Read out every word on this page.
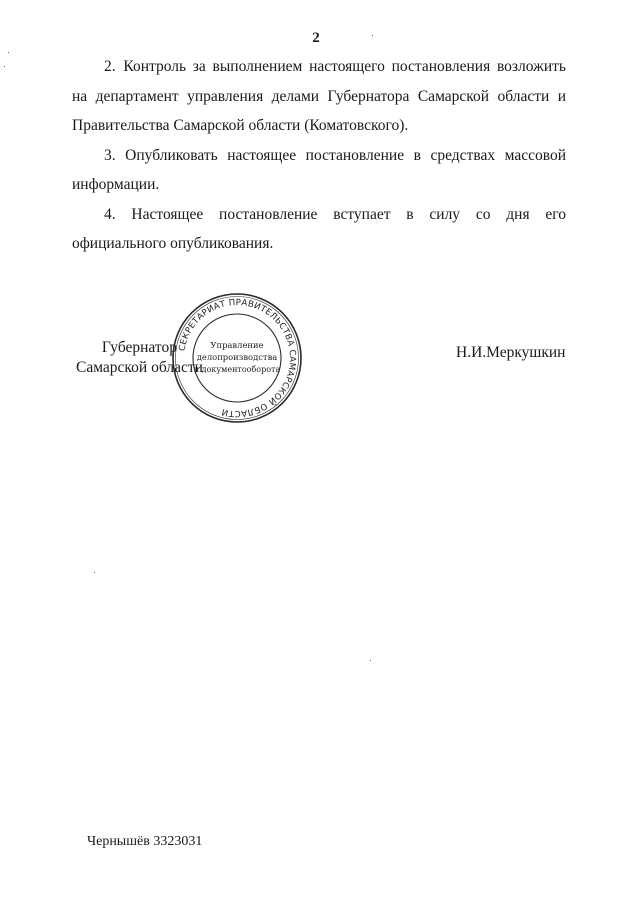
2

2. Контроль за выполнением настоящего постановления возложить на департамент управления делами Губернатора Самарской области и Правительства Самарской области (Коматовского).

3. Опубликовать настоящее постановление в средствах массовой информации.

4. Настоящее постановление вступает в силу со дня его официального опубликования.

Губернатор
Самарской области
СЕКРЕТАРИАТ ПРАВИТЕЛЬСТВА САМАРСКОЙ ОБЛАСТИ
Управление
делопроизводства
и документооборота
Н.И.Меркушкин
Чернышёв 3323031
